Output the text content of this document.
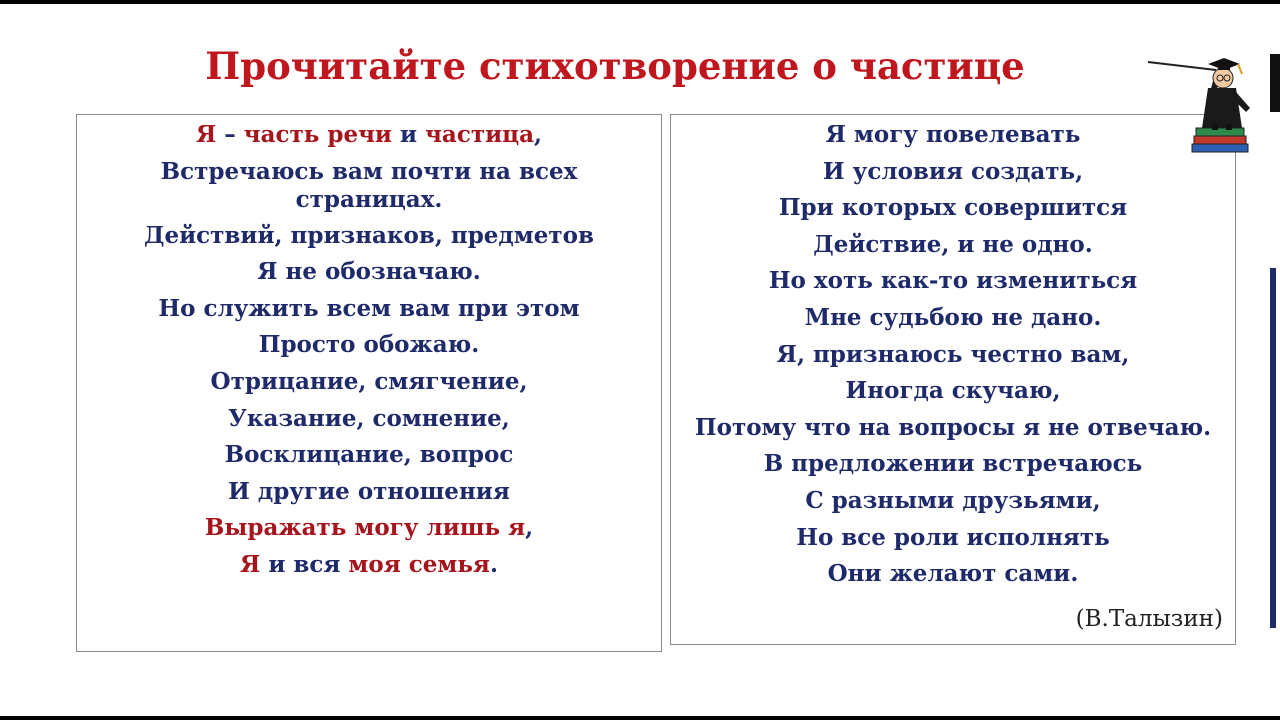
Прочитайте стихотворение о частице
Я – часть речи и частица,
Встречаюсь вам почти на всех страницах.
Действий, признаков, предметов
Я не обозначаю.
Но служить всем вам при этом
Просто обожаю.
Отрицание, смягчение,
Указание, сомнение,
Восклицание, вопрос
И другие отношения
Выражать могу лишь я,
Я и вся моя семья.
Я могу повелевать
И условия создать,
При которых совершится
Действие, и не одно.
Но хоть как-то измениться
Мне судьбою не дано.
Я, признаюсь честно вам,
Иногда скучаю,
Потому что на вопросы я не отвечаю.
В предложении встречаюсь
С разными друзьями,
Но все роли исполнять
Они желают сами.
(В.Талызин)
